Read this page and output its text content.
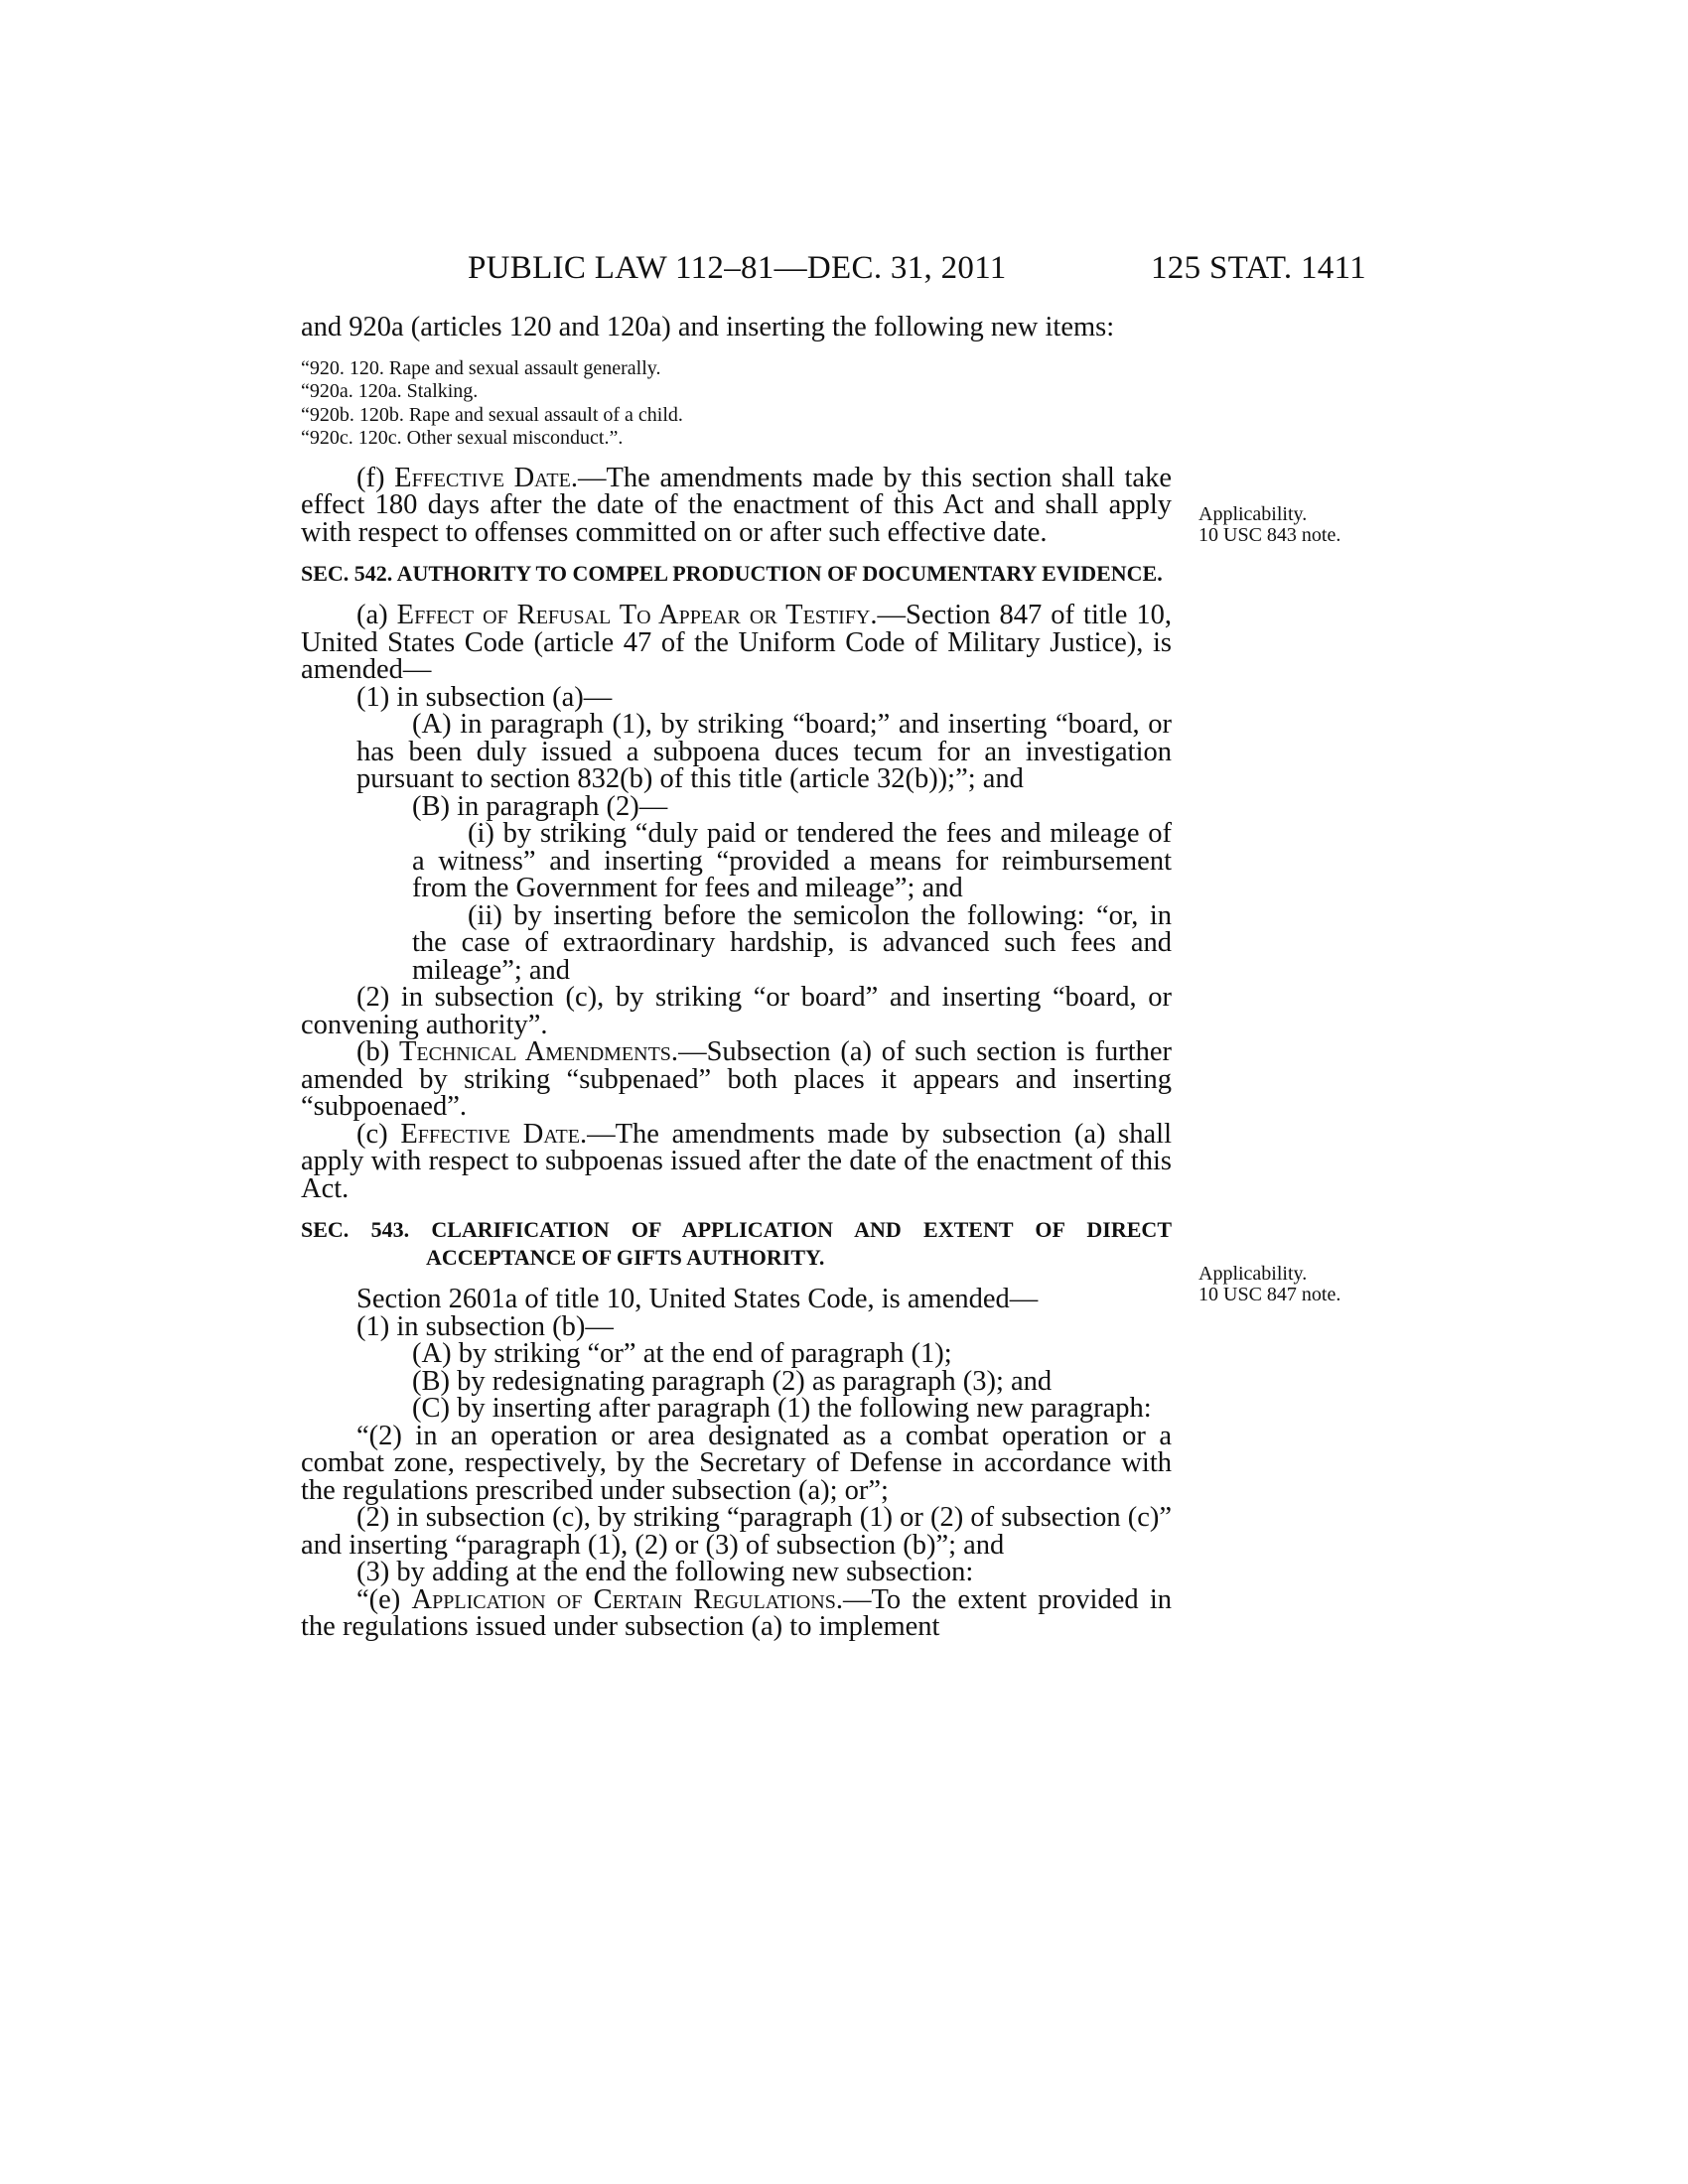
PUBLIC LAW 112–81—DEC. 31, 2011	125 STAT. 1411

and 920a (articles 120 and 120a) and inserting the following new items:

“920. 120. Rape and sexual assault generally.
“920a. 120a. Stalking.
“920b. 120b. Rape and sexual assault of a child.
“920c. 120c. Other sexual misconduct.”.

(f) Effective Date.—The amendments made by this section shall take effect 180 days after the date of the enactment of this Act and shall apply with respect to offenses committed on or after such effective date.

SEC. 542. AUTHORITY TO COMPEL PRODUCTION OF DOCUMENTARY EVIDENCE.

(a) Effect of Refusal To Appear or Testify.—Section 847 of title 10, United States Code (article 47 of the Uniform Code of Military Justice), is amended—

(1) in subsection (a)—

(A) in paragraph (1), by striking “board;” and inserting “board, or has been duly issued a subpoena duces tecum for an investigation pursuant to section 832(b) of this title (article 32(b));”; and

(B) in paragraph (2)—

(i) by striking “duly paid or tendered the fees and mileage of a witness” and inserting “provided a means for reimbursement from the Government for fees and mileage”; and

(ii) by inserting before the semicolon the following: “or, in the case of extraordinary hardship, is advanced such fees and mileage”; and

(2) in subsection (c), by striking “or board” and inserting “board, or convening authority”.

(b) Technical Amendments.—Subsection (a) of such section is further amended by striking “subpenaed” both places it appears and inserting “subpoenaed”.

(c) Effective Date.—The amendments made by subsection (a) shall apply with respect to subpoenas issued after the date of the enactment of this Act.

SEC. 543. CLARIFICATION OF APPLICATION AND EXTENT OF DIRECT ACCEPTANCE OF GIFTS AUTHORITY.

Section 2601a of title 10, United States Code, is amended—

(1) in subsection (b)—

(A) by striking “or” at the end of paragraph (1);

(B) by redesignating paragraph (2) as paragraph (3); and

(C) by inserting after paragraph (1) the following new paragraph:

“(2) in an operation or area designated as a combat operation or a combat zone, respectively, by the Secretary of Defense in accordance with the regulations prescribed under subsection (a); or”;

(2) in subsection (c), by striking “paragraph (1) or (2) of subsection (c)” and inserting “paragraph (1), (2) or (3) of subsection (b)”; and

(3) by adding at the end the following new subsection:

“(e) Application of Certain Regulations.—To the extent provided in the regulations issued under subsection (a) to implement

Applicability.
10 USC 843 note.
Applicability.
10 USC 847 note.
